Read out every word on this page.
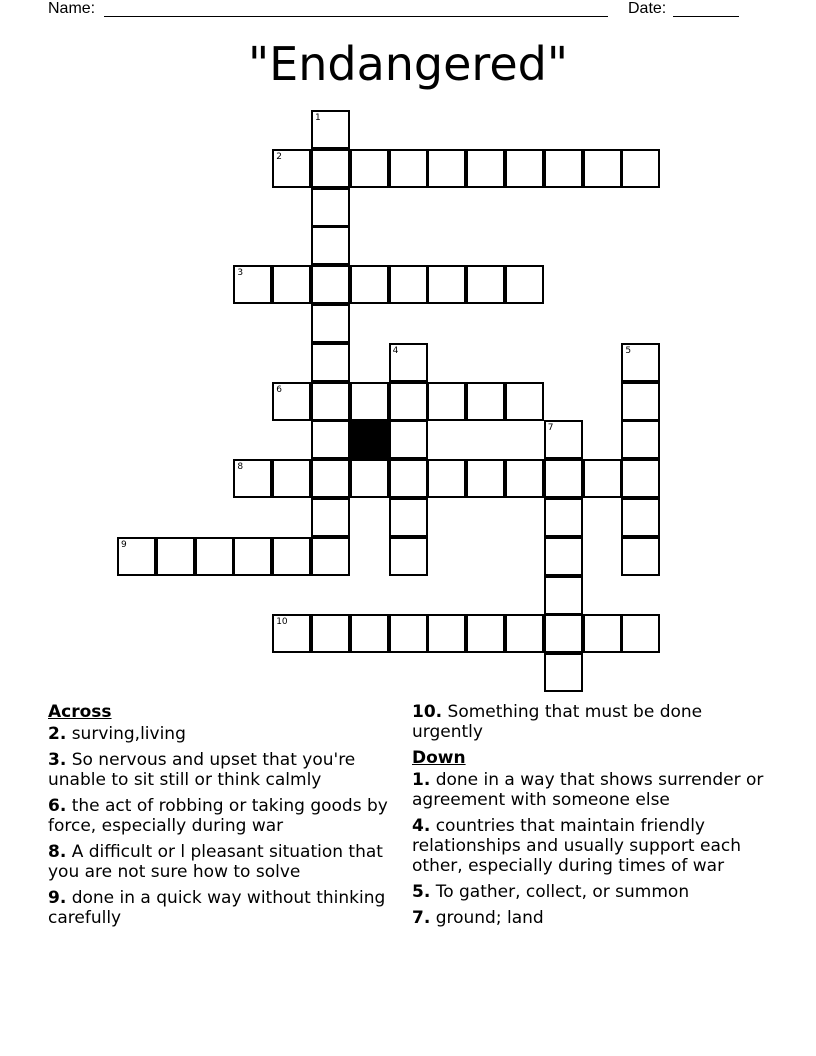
Name:	Date:
"Endangered"
1
2
3
4	5
6
7
8
9
10
Across
2. surving,living
3. So nervous and upset that you're unable to sit still or think calmly
6. the act of robbing or taking goods by force, especially during war
8. A difficult or l pleasant situation that you are not sure how to solve
9. done in a quick way without thinking carefully
10. Something that must be done urgently
Down
1. done in a way that shows surrender or agreement with someone else
4. countries that maintain friendly relationships and usually support each other, especially during times of war
5. To gather, collect, or summon
7. ground; land
